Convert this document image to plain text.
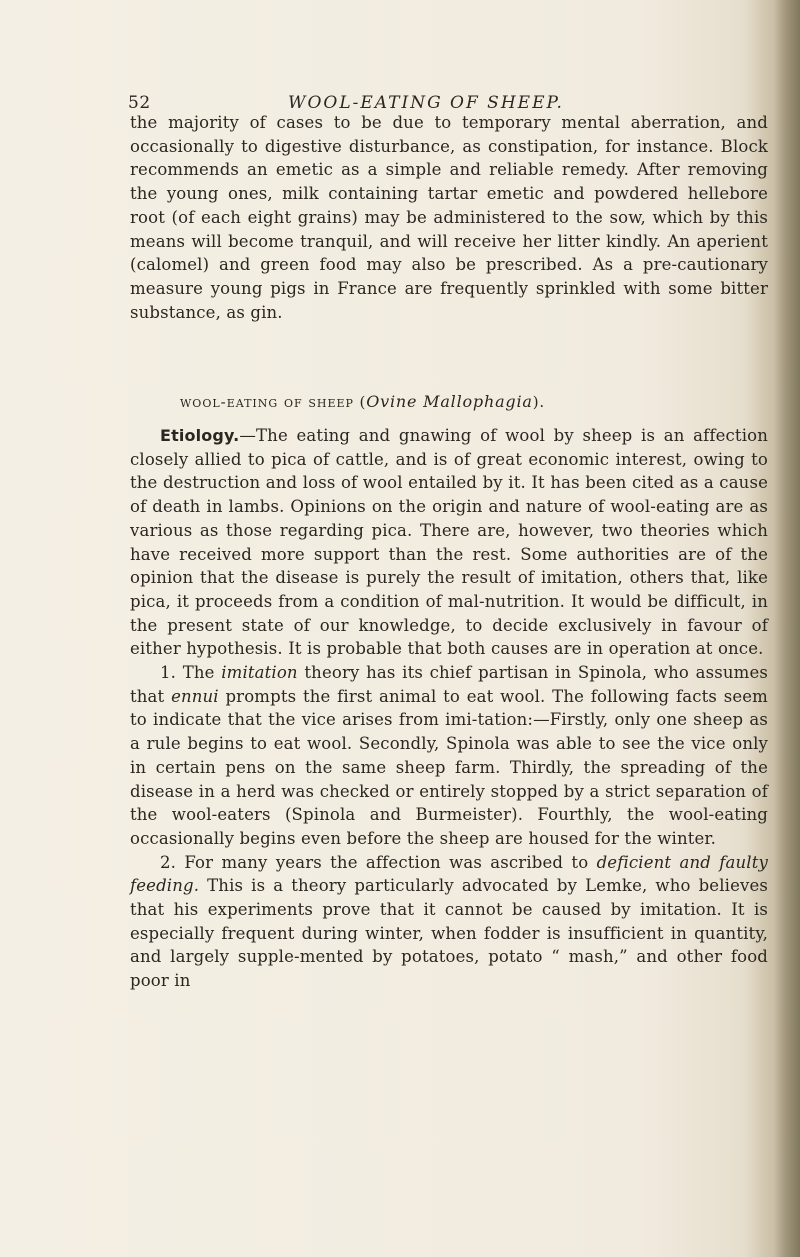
52	WOOL-EATING OF SHEEP.

the majority of cases to be due to temporary mental aberration, and occasionally to digestive disturbance, as constipation, for instance. Block recommends an emetic as a simple and reliable remedy. After removing the young ones, milk containing tartar emetic and powdered hellebore root (of each eight grains) may be administered to the sow, which by this means will become tranquil, and will receive her litter kindly. An aperient (calomel) and green food may also be prescribed. As a pre-cautionary measure young pigs in France are frequently sprinkled with some bitter substance, as gin.

wool-eating of sheep (Ovine Mallophagia).

Etiology.—The eating and gnawing of wool by sheep is an affection closely allied to pica of cattle, and is of great economic interest, owing to the destruction and loss of wool entailed by it. It has been cited as a cause of death in lambs. Opinions on the origin and nature of wool-eating are as various as those regarding pica. There are, however, two theories which have received more support than the rest. Some authorities are of the opinion that the disease is purely the result of imitation, others that, like pica, it proceeds from a condition of mal-nutrition. It would be difficult, in the present state of our knowledge, to decide exclusively in favour of either hypothesis. It is probable that both causes are in operation at once.

1. The imitation theory has its chief partisan in Spinola, who assumes that ennui prompts the first animal to eat wool. The following facts seem to indicate that the vice arises from imi-tation:—Firstly, only one sheep as a rule begins to eat wool. Secondly, Spinola was able to see the vice only in certain pens on the same sheep farm. Thirdly, the spreading of the disease in a herd was checked or entirely stopped by a strict separation of the wool-eaters (Spinola and Burmeister). Fourthly, the wool-eating occasionally begins even before the sheep are housed for the winter.

2. For many years the affection was ascribed to deficient and faulty feeding. This is a theory particularly advocated by Lemke, who believes that his experiments prove that it cannot be caused by imitation. It is especially frequent during winter, when fodder is insufficient in quantity, and largely supple-mented by potatoes, potato “ mash,” and other food poor in
